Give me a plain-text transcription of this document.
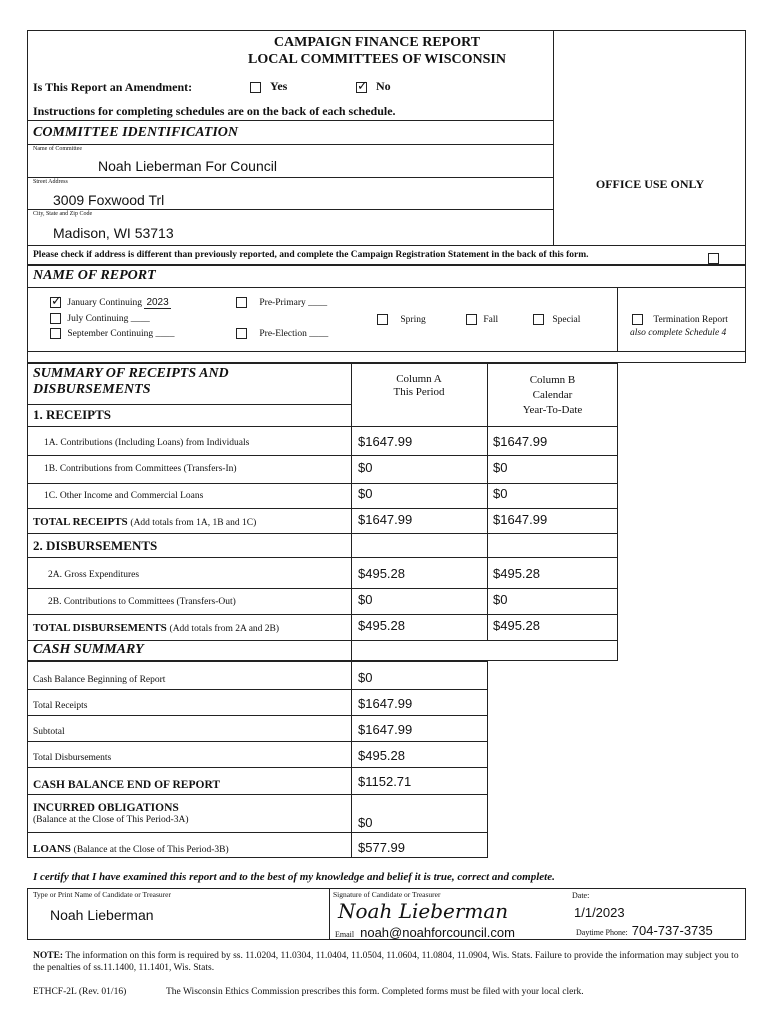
CAMPAIGN FINANCE REPORT
LOCAL COMMITTEES OF WISCONSIN
OFFICE USE ONLY
Is This Report an Amendment:	Yes
✓	No
Instructions for completing schedules are on the back of each schedule.
COMMITTEE IDENTIFICATION
Name of Committee
Noah Lieberman For Council
Street Address
3009 Foxwood Trl
City, State and Zip Code
Madison, WI 53713
Please check if address is different than previously reported, and complete the Campaign Registration Statement in the back of this form.
NAME OF REPORT
✓ January Continuing 2023
July Continuing ____
September Continuing ____
Pre-Primary ____
Pre-Election ____
Spring	Fall	Special	Termination Report
also complete Schedule 4
SUMMARY OF RECEIPTS AND
DISBURSEMENTS
Column A
This Period
Column B
Calendar
Year-To-Date
1. RECEIPTS
1A. Contributions (Including Loans) from Individuals
1B. Contributions from Committees (Transfers-In)
1C. Other Income and Commercial Loans
TOTAL RECEIPTS (Add totals from 1A, 1B and 1C)
2. DISBURSEMENTS
2A. Gross Expenditures
2B. Contributions to Committees (Transfers-Out)
TOTAL DISBURSEMENTS (Add totals from 2A and 2B)
CASH SUMMARY
$1647.99
$0
$0
$1647.99
$495.28
$0
$495.28
$1647.99
$0
$0
$1647.99
$495.28
$0
$495.28
Cash Balance Beginning of Report
Total Receipts
Subtotal
Total Disbursements
CASH BALANCE END OF REPORT
INCURRED OBLIGATIONS
(Balance at the Close of This Period-3A)
LOANS (Balance at the Close of This Period-3B)
$0
$1647.99
$1647.99
$495.28
$1152.71
$0
$577.99
I certify that I have examined this report and to the best of my knowledge and belief it is true, correct and complete.
Type or Print Name of Candidate or Treasurer
Noah Lieberman
Signature of Candidate or Treasurer
Noah Lieberman
Email noah@noahforcouncil.com
Date:
1/1/2023
Daytime Phone: 704-737-3735
NOTE: The information on this form is required by ss. 11.0204, 11.0304, 11.0404, 11.0504, 11.0604, 11.0804, 11.0904, Wis. Stats. Failure to provide the information may subject you to the penalties of ss.11.1400, 11.1401, Wis. Stats.
ETHCF-2L (Rev. 01/16)	The Wisconsin Ethics Commission prescribes this form. Completed forms must be filed with your local clerk.
